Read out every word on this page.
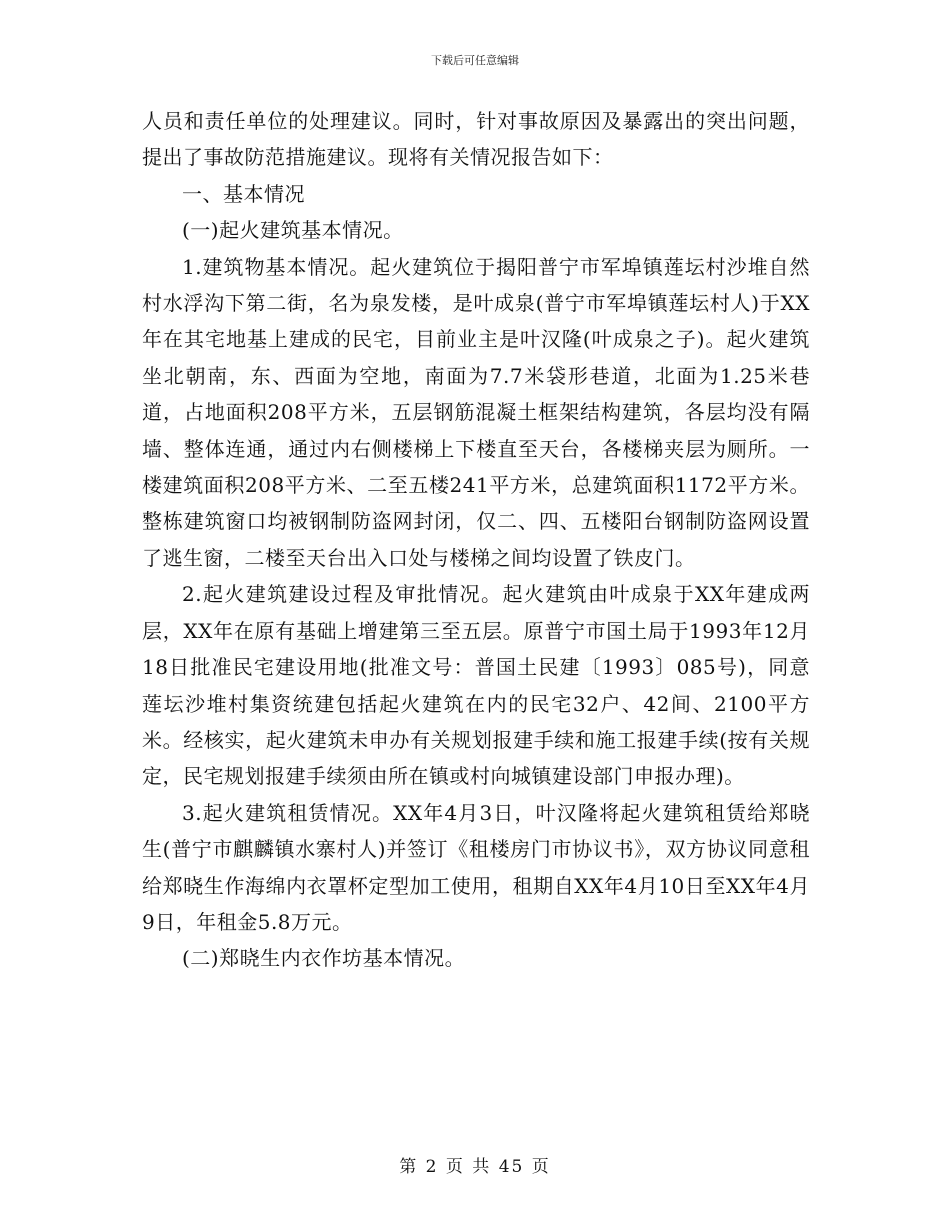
下载后可任意编辑

人员和责任单位的处理建议。同时，针对事故原因及暴露出的突出问题，提出了事故防范措施建议。现将有关情况报告如下：

一、基本情况

(一)起火建筑基本情况。

1.建筑物基本情况。起火建筑位于揭阳普宁市军埠镇莲坛村沙堆自然村水浮沟下第二街，名为泉发楼，是叶成泉(普宁市军埠镇莲坛村人)于XX年在其宅地基上建成的民宅，目前业主是叶汉隆(叶成泉之子)。起火建筑坐北朝南，东、西面为空地，南面为7.7米袋形巷道，北面为1.25米巷道，占地面积208平方米，五层钢筋混凝土框架结构建筑，各层均没有隔墙、整体连通，通过内右侧楼梯上下楼直至天台，各楼梯夹层为厕所。一楼建筑面积208平方米、二至五楼241平方米，总建筑面积1172平方米。整栋建筑窗口均被钢制防盗网封闭，仅二、四、五楼阳台钢制防盗网设置了逃生窗，二楼至天台出入口处与楼梯之间均设置了铁皮门。

2.起火建筑建设过程及审批情况。起火建筑由叶成泉于XX年建成两层，XX年在原有基础上增建第三至五层。原普宁市国土局于1993年12月18日批准民宅建设用地(批准文号：普国土民建〔1993〕085号)，同意莲坛沙堆村集资统建包括起火建筑在内的民宅32户、42间、2100平方米。经核实，起火建筑未申办有关规划报建手续和施工报建手续(按有关规定，民宅规划报建手续须由所在镇或村向城镇建设部门申报办理)。

3.起火建筑租赁情况。XX年4月3日，叶汉隆将起火建筑租赁给郑晓生(普宁市麒麟镇水寨村人)并签订《租楼房门市协议书》，双方协议同意租给郑晓生作海绵内衣罩杯定型加工使用，租期自XX年4月10日至XX年4月9日，年租金5.8万元。

(二)郑晓生内衣作坊基本情况。

第 2 页 共 45 页
